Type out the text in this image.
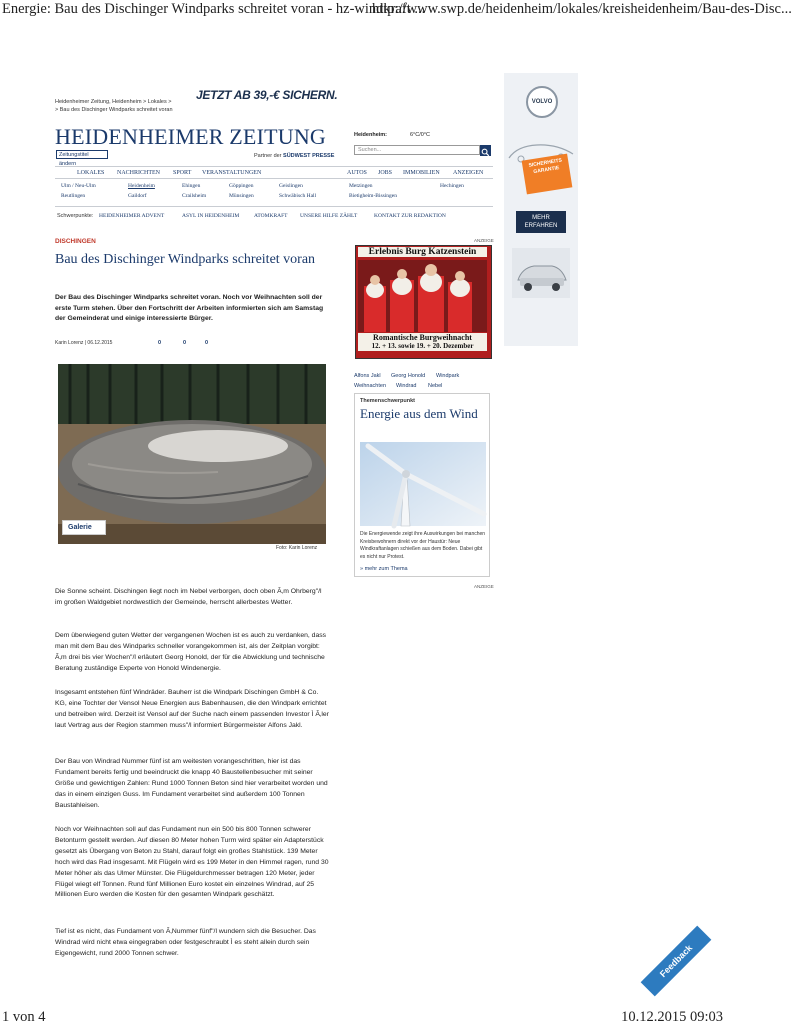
Energie: Bau des Dischinger Windparks schreitet voran - hz-windkraft ...
http://www.swp.de/heidenheim/lokales/kreisheidenheim/Bau-des-Disc...
1 von 4	10.12.2015 09:03
VOLVO
SICHERHEITS GARANTIE
MEHR ERFAHREN
JETZT AB 39,-€ SICHERN.
Heidenheimer Zeitung, Heidenheim > Lokales >
> Bau des Dischinger Windparks schreitet voran
HEIDENHEIMER ZEITUNG
Zeitungstitel ändern
Partner der SÜDWEST PRESSE
Heidenheim:	6°C/0°C
Suchen...
LOKALES NACHRICHTEN SPORT VERANSTALTUNGEN	AUTOS JOBS IMMOBILIEN ANZEIGEN
Ulm / Neu-Ulm	Heidenheim	Ehingen	Göppingen	Geislingen	Metzingen	Hechingen
Reutlingen	Gaildorf	Crailsheim	Münsingen	Schwäbisch Hall	Bietigheim-Bissingen
Schwerpunkte: HEIDENHEIMER ADVENT	ASYL IN HEIDENHEIM	ATOMKRAFT UNSERE HILFE ZÄHLT	KONTAKT ZUR REDAKTION
DISCHINGEN
Bau des Dischinger Windparks schreitet voran
Der Bau des Dischinger Windparks schreitet voran. Noch vor Weihnachten soll der erste Turm stehen. Über den Fortschritt der Arbeiten informierten sich am Samstag der Gemeinderat und einige interessierte Bürger.
Karin Lorenz | 06.12.2015	0	0	0
Galerie
Foto: Karin Lorenz
Die Sonne scheint. Dischingen liegt noch im Nebel verborgen, doch oben Ã‚m Ohrberg"/l im großen Waldgebiet nordwestlich der Gemeinde, herrscht allerbestes Wetter.
Dem überwiegend guten Wetter der vergangenen Wochen ist es auch zu verdanken, dass man mit dem Bau des Windparks schneller vorangekommen ist, als der Zeitplan vorgibt: Ã‚m drei bis vier Wochen"/l erläutert Georg Honold, der für die Abwicklung und technische Beratung zuständige Experte von Honold Windenergie.
Insgesamt entstehen fünf Windräder. Bauherr ist die Windpark Dischingen GmbH & Co. KG, eine Tochter der Vensol Neue Energien aus Babenhausen, die den Windpark errichtet und betreiben wird. Derzeit ist Vensol auf der Suche nach einem passenden Investor Ì Ã‚ler laut Vertrag aus der Region stammen muss"/l informiert Bürgermeister Alfons Jakl.
Der Bau von Windrad Nummer fünf ist am weitesten vorangeschritten, hier ist das Fundament bereits fertig und beeindruckt die knapp 40 Baustellenbesucher mit seiner Größe und gewichtigen Zahlen: Rund 1000 Tonnen Beton sind hier verarbeitet worden und das in einem einzigen Guss. Im Fundament verarbeitet sind außerdem 100 Tonnen Baustahleisen.
Noch vor Weihnachten soll auf das Fundament nun ein 500 bis 800 Tonnen schwerer Betonturm gestellt werden. Auf diesen 80 Meter hohen Turm wird später ein Adapterstück gesetzt als Übergang von Beton zu Stahl, darauf folgt ein großes Stahlstück. 139 Meter hoch wird das Rad insgesamt. Mit Flügeln wird es 199 Meter in den Himmel ragen, rund 30 Meter höher als das Ulmer Münster. Die Flügeldurchmesser betragen 120 Meter, jeder Flügel wiegt elf Tonnen. Rund fünf Millionen Euro kostet ein einzelnes Windrad, auf 25 Millionen Euro werden die Kosten für den gesamten Windpark geschätzt.
Tief ist es nicht, das Fundament von Ã‚Nummer fünf"/l wundern sich die Besucher. Das Windrad wird nicht etwa eingegraben oder festgeschraubt Ì es steht allein durch sein Eigengewicht, rund 2000 Tonnen schwer.
ANZEIGE
Erlebnis Burg Katzenstein
Romantische Burgweihnacht
12. + 13. sowie 19. + 20. Dezember
Alfons Jakl Georg Honold Windpark
Weihnachten Windrad Nebel
Themenschwerpunkt
Energie aus dem Wind
Die Energiewende zeigt ihre Auswirkungen bei manchen Kreisbewohnern direkt vor der Haustür: Neue Windkraftanlagen schießen aus dem Boden. Dabei gibt es nicht nur Protest.
» mehr zum Thema
ANZEIGE
Feedback
